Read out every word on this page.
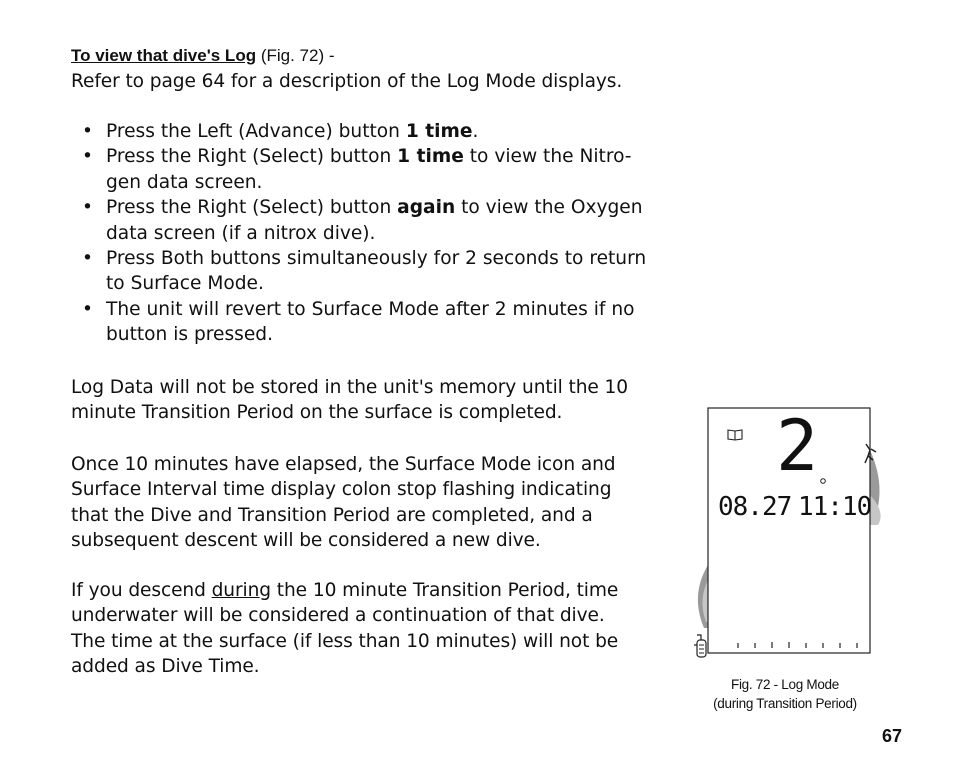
To view that dive's Log (Fig. 72) -
Refer to page 64 for a description of the Log Mode displays.
• Press the Left (Advance) button 1 time.
• Press the Right (Select) button 1 time to view the Nitro-
gen data screen.
• Press the Right (Select) button again to view the Oxygen
data screen (if a nitrox dive).
• Press Both buttons simultaneously for 2 seconds to return
to Surface Mode.
• The unit will revert to Surface Mode after 2 minutes if no
button is pressed.
Log Data will not be stored in the unit's memory until the 10
minute Transition Period on the surface is completed.
Once 10 minutes have elapsed, the Surface Mode icon and
Surface Interval time display colon stop flashing indicating
that the Dive and Transition Period are completed, and a
subsequent descent will be considered a new dive.
If you descend during the 10 minute Transition Period, time
underwater will be considered a continuation of that dive.
The time at the surface (if less than 10 minutes) will not be
added as Dive Time.
2
08.27 11:10
Fig. 72 - Log Mode
(during Transition Period)
67
